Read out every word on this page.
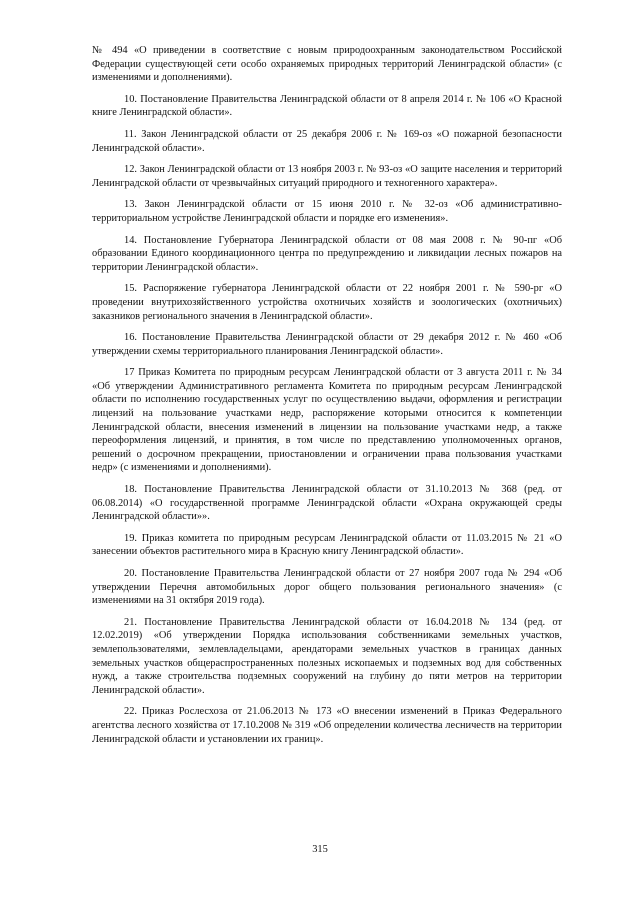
№ 494 «О приведении в соответствие с новым природоохранным законодательством Российской Федерации существующей сети особо охраняемых природных территорий Ленинградской области» (с изменениями и дополнениями).

10. Постановление Правительства Ленинградской области от 8 апреля 2014 г. № 106 «О Красной книге Ленинградской области».

11. Закон Ленинградской области от 25 декабря 2006 г. № 169-оз «О пожарной безопасности Ленинградской области».

12. Закон Ленинградской области от 13 ноября 2003 г. № 93-оз «О защите населения и территорий Ленинградской области от чрезвычайных ситуаций природного и техногенного характера».

13. Закон Ленинградской области от 15 июня 2010 г. № 32-оз «Об административно-территориальном устройстве Ленинградской области и порядке его изменения».

14. Постановление Губернатора Ленинградской области от 08 мая 2008 г. № 90-пг «Об образовании Единого координационного центра по предупреждению и ликвидации лесных пожаров на территории Ленинградской области».

15. Распоряжение губернатора Ленинградской области от 22 ноября 2001 г. № 590-рг «О проведении внутрихозяйственного устройства охотничьих хозяйств и зоологических (охотничьих) заказников регионального значения в Ленинградской области».

16. Постановление Правительства Ленинградской области от 29 декабря 2012 г. № 460 «Об утверждении схемы территориального планирования Ленинградской области».

17 Приказ Комитета по природным ресурсам Ленинградской области от 3 августа 2011 г. № 34 «Об утверждении Административного регламента Комитета по природным ресурсам Ленинградской области по исполнению государственных услуг по осуществлению выдачи, оформления и регистрации лицензий на пользование участками недр, распоряжение которыми относится к компетенции Ленинградской области, внесения изменений в лицензии на пользование участками недр, а также переоформления лицензий, и принятия, в том числе по представлению уполномоченных органов, решений о досрочном прекращении, приостановлении и ограничении права пользования участками недр» (с изменениями и дополнениями).

18. Постановление Правительства Ленинградской области от 31.10.2013 № 368 (ред. от 06.08.2014) «О государственной программе Ленинградской области «Охрана окружающей среды Ленинградской области»».

19. Приказ комитета по природным ресурсам Ленинградской области от 11.03.2015 № 21 «О занесении объектов растительного мира в Красную книгу Ленинградской области».

20. Постановление Правительства Ленинградской области от 27 ноября 2007 года № 294 «Об утверждении Перечня автомобильных дорог общего пользования регионального значения» (с изменениями на 31 октября 2019 года).

21. Постановление Правительства Ленинградской области от 16.04.2018 № 134 (ред. от 12.02.2019) «Об утверждении Порядка использования собственниками земельных участков, землепользователями, землевладельцами, арендаторами земельных участков в границах данных земельных участков общераспространенных полезных ископаемых и подземных вод для собственных нужд, а также строительства подземных сооружений на глубину до пяти метров на территории Ленинградской области».

22. Приказ Рослесхоза от 21.06.2013 № 173 «О внесении изменений в Приказ Федерального агентства лесного хозяйства от 17.10.2008 № 319 «Об определении количества лесничеств на территории Ленинградской области и установлении их границ».

315
